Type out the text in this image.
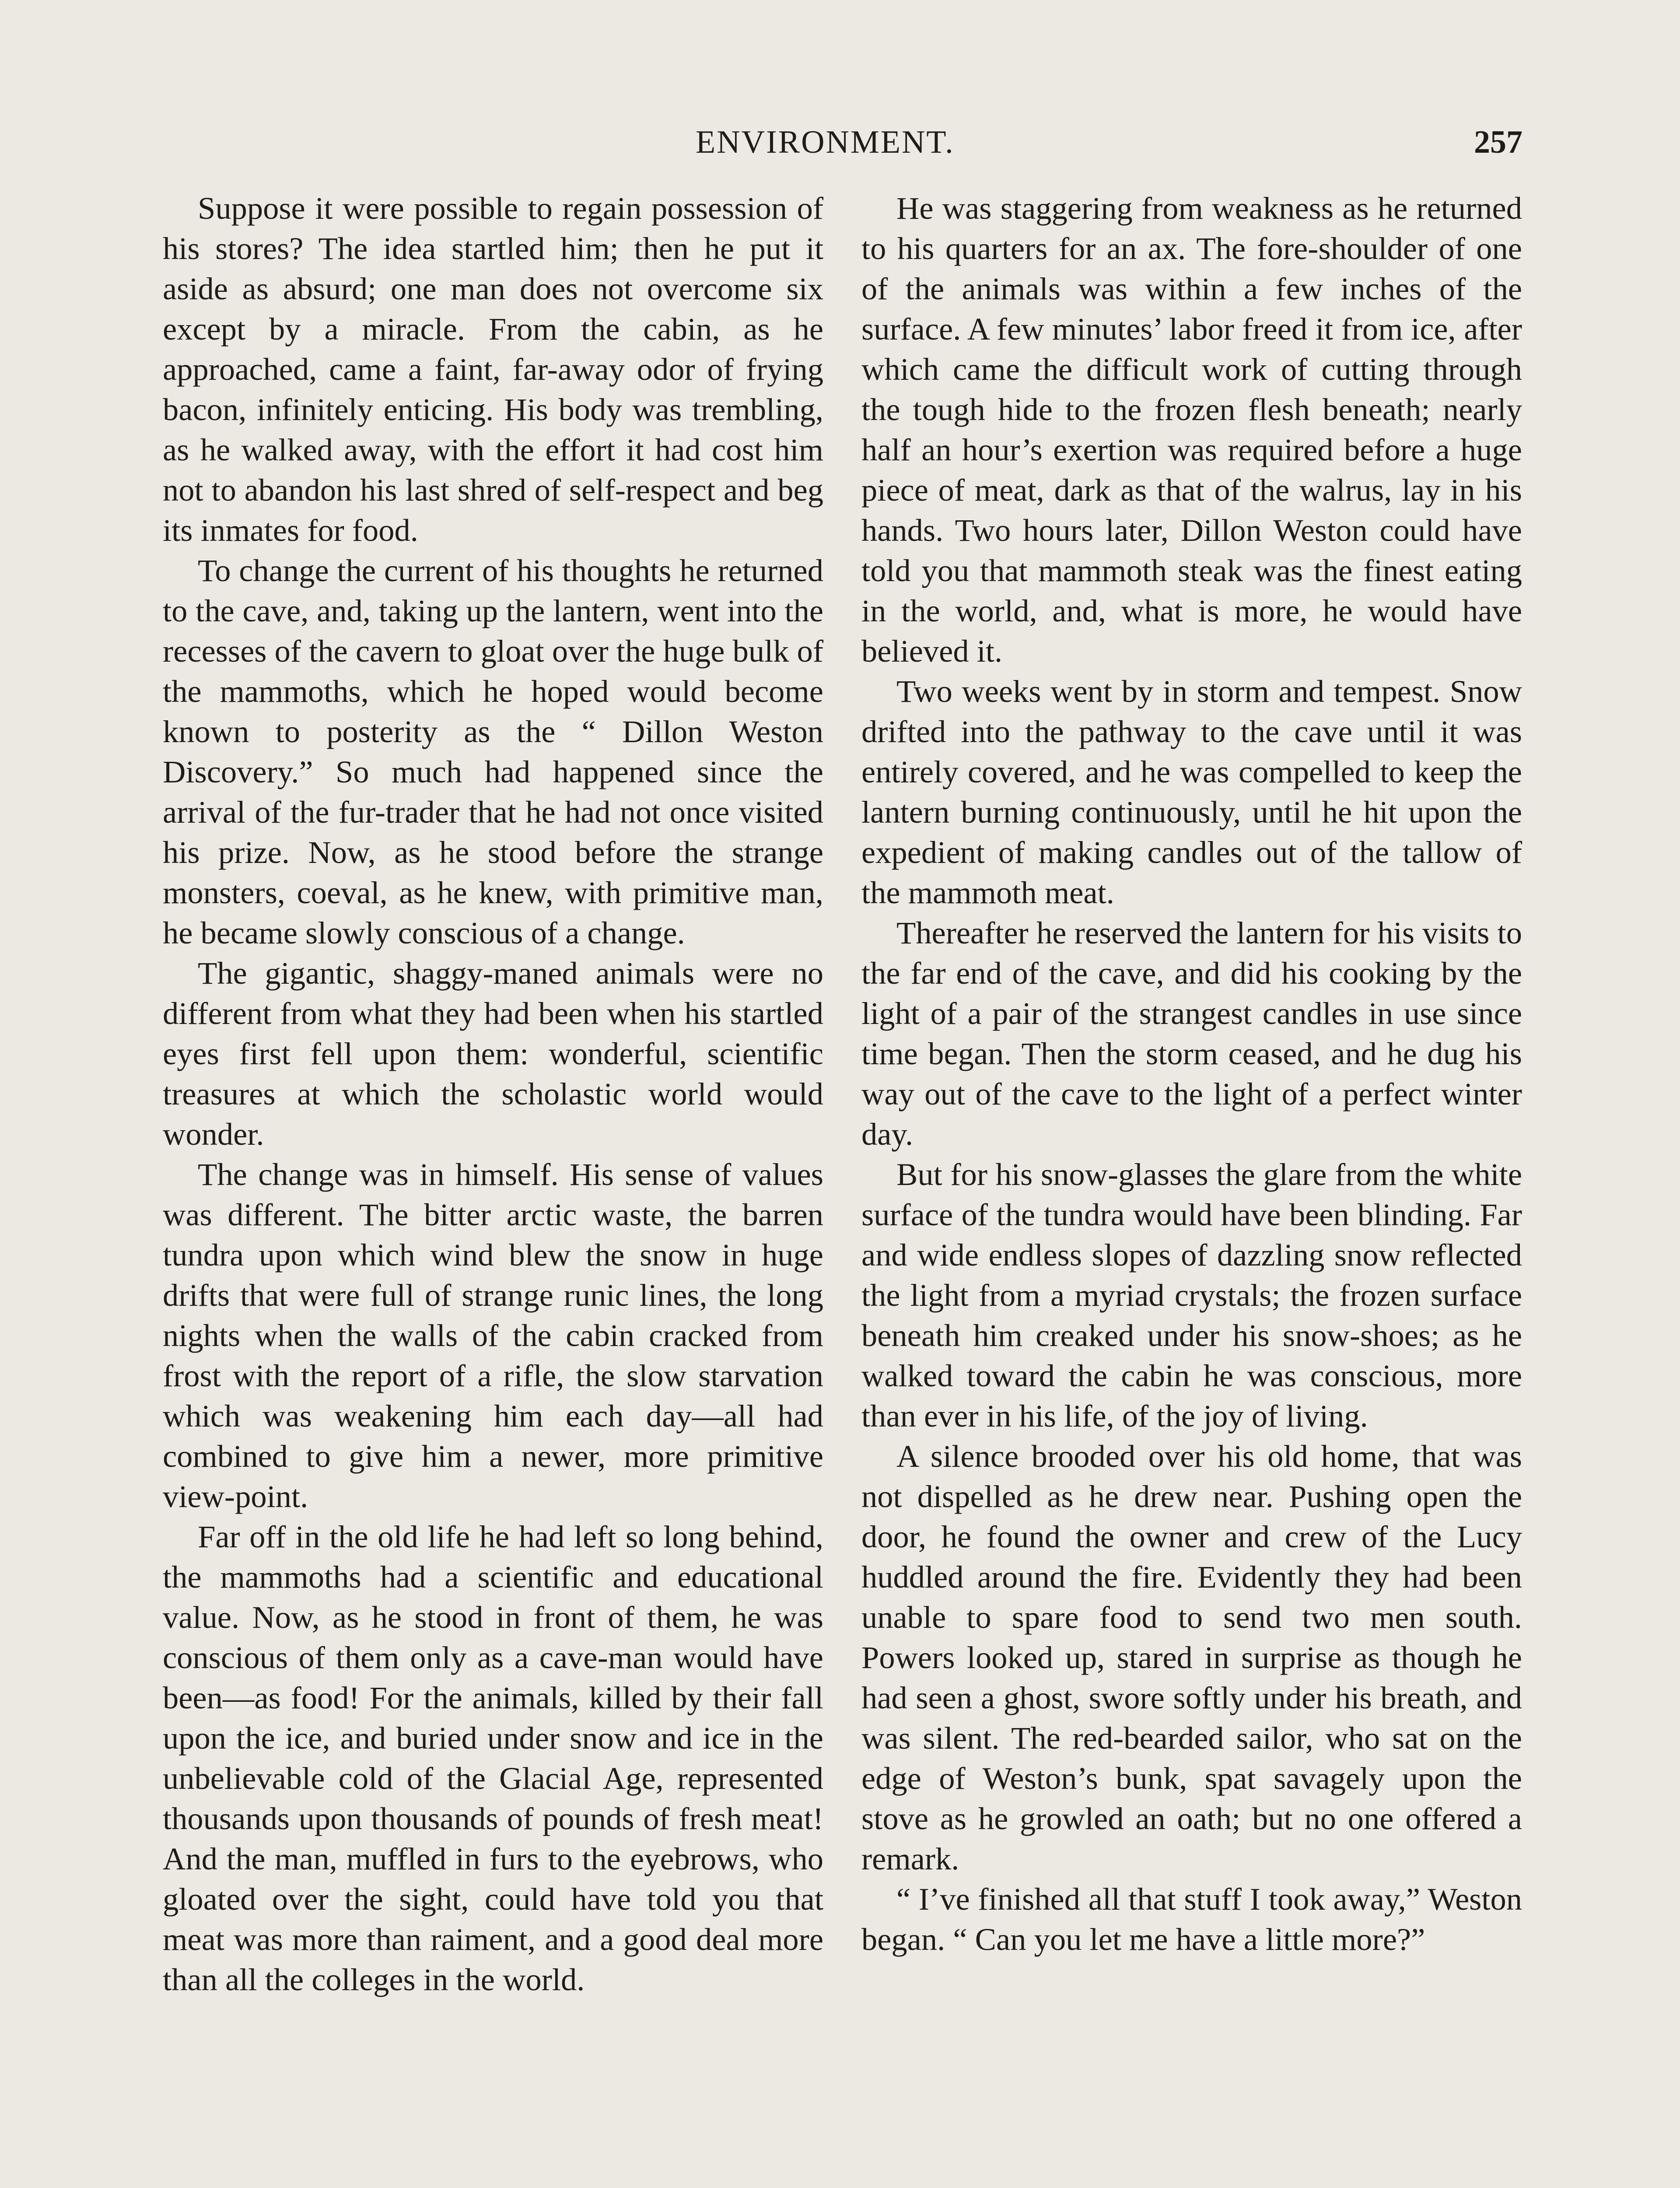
ENVIRONMENT.	257

Suppose it were possible to regain possession of his stores? The idea startled him; then he put it aside as absurd; one man does not overcome six except by a miracle. From the cabin, as he approached, came a faint, far-away odor of frying bacon, infinitely enticing. His body was trembling, as he walked away, with the effort it had cost him not to abandon his last shred of self-respect and beg its inmates for food.

To change the current of his thoughts he returned to the cave, and, taking up the lantern, went into the recesses of the cavern to gloat over the huge bulk of the mammoths, which he hoped would become known to posterity as the “ Dillon Weston Discovery.” So much had happened since the arrival of the fur-trader that he had not once visited his prize. Now, as he stood before the strange monsters, coeval, as he knew, with primitive man, he became slowly conscious of a change.

The gigantic, shaggy-maned animals were no different from what they had been when his startled eyes first fell upon them: wonderful, scientific treasures at which the scholastic world would wonder.

The change was in himself. His sense of values was different. The bitter arctic waste, the barren tundra upon which wind blew the snow in huge drifts that were full of strange runic lines, the long nights when the walls of the cabin cracked from frost with the report of a rifle, the slow starvation which was weakening him each day—all had combined to give him a newer, more primitive view-point.

Far off in the old life he had left so long behind, the mammoths had a scientific and educational value. Now, as he stood in front of them, he was conscious of them only as a cave-man would have been—as food! For the animals, killed by their fall upon the ice, and buried under snow and ice in the unbelievable cold of the Glacial Age, represented thousands upon thousands of pounds of fresh meat! And the man, muffled in furs to the eyebrows, who gloated over the sight, could have told you that meat was more than raiment, and a good deal more than all the colleges in the world.

He was staggering from weakness as he returned to his quarters for an ax. The fore-shoulder of one of the animals was within a few inches of the surface. A few minutes’ labor freed it from ice, after which came the difficult work of cutting through the tough hide to the frozen flesh beneath; nearly half an hour’s exertion was required before a huge piece of meat, dark as that of the walrus, lay in his hands. Two hours later, Dillon Weston could have told you that mammoth steak was the finest eating in the world, and, what is more, he would have believed it.

Two weeks went by in storm and tempest. Snow drifted into the pathway to the cave until it was entirely covered, and he was compelled to keep the lantern burning continuously, until he hit upon the expedient of making candles out of the tallow of the mammoth meat.

Thereafter he reserved the lantern for his visits to the far end of the cave, and did his cooking by the light of a pair of the strangest candles in use since time began. Then the storm ceased, and he dug his way out of the cave to the light of a perfect winter day.

But for his snow-glasses the glare from the white surface of the tundra would have been blinding. Far and wide endless slopes of dazzling snow reflected the light from a myriad crystals; the frozen surface beneath him creaked under his snow-shoes; as he walked toward the cabin he was conscious, more than ever in his life, of the joy of living.

A silence brooded over his old home, that was not dispelled as he drew near. Pushing open the door, he found the owner and crew of the Lucy huddled around the fire. Evidently they had been unable to spare food to send two men south. Powers looked up, stared in surprise as though he had seen a ghost, swore softly under his breath, and was silent. The red-bearded sailor, who sat on the edge of Weston’s bunk, spat savagely upon the stove as he growled an oath; but no one offered a remark.

“ I’ve finished all that stuff I took away,” Weston began. “ Can you let me have a little more?”
